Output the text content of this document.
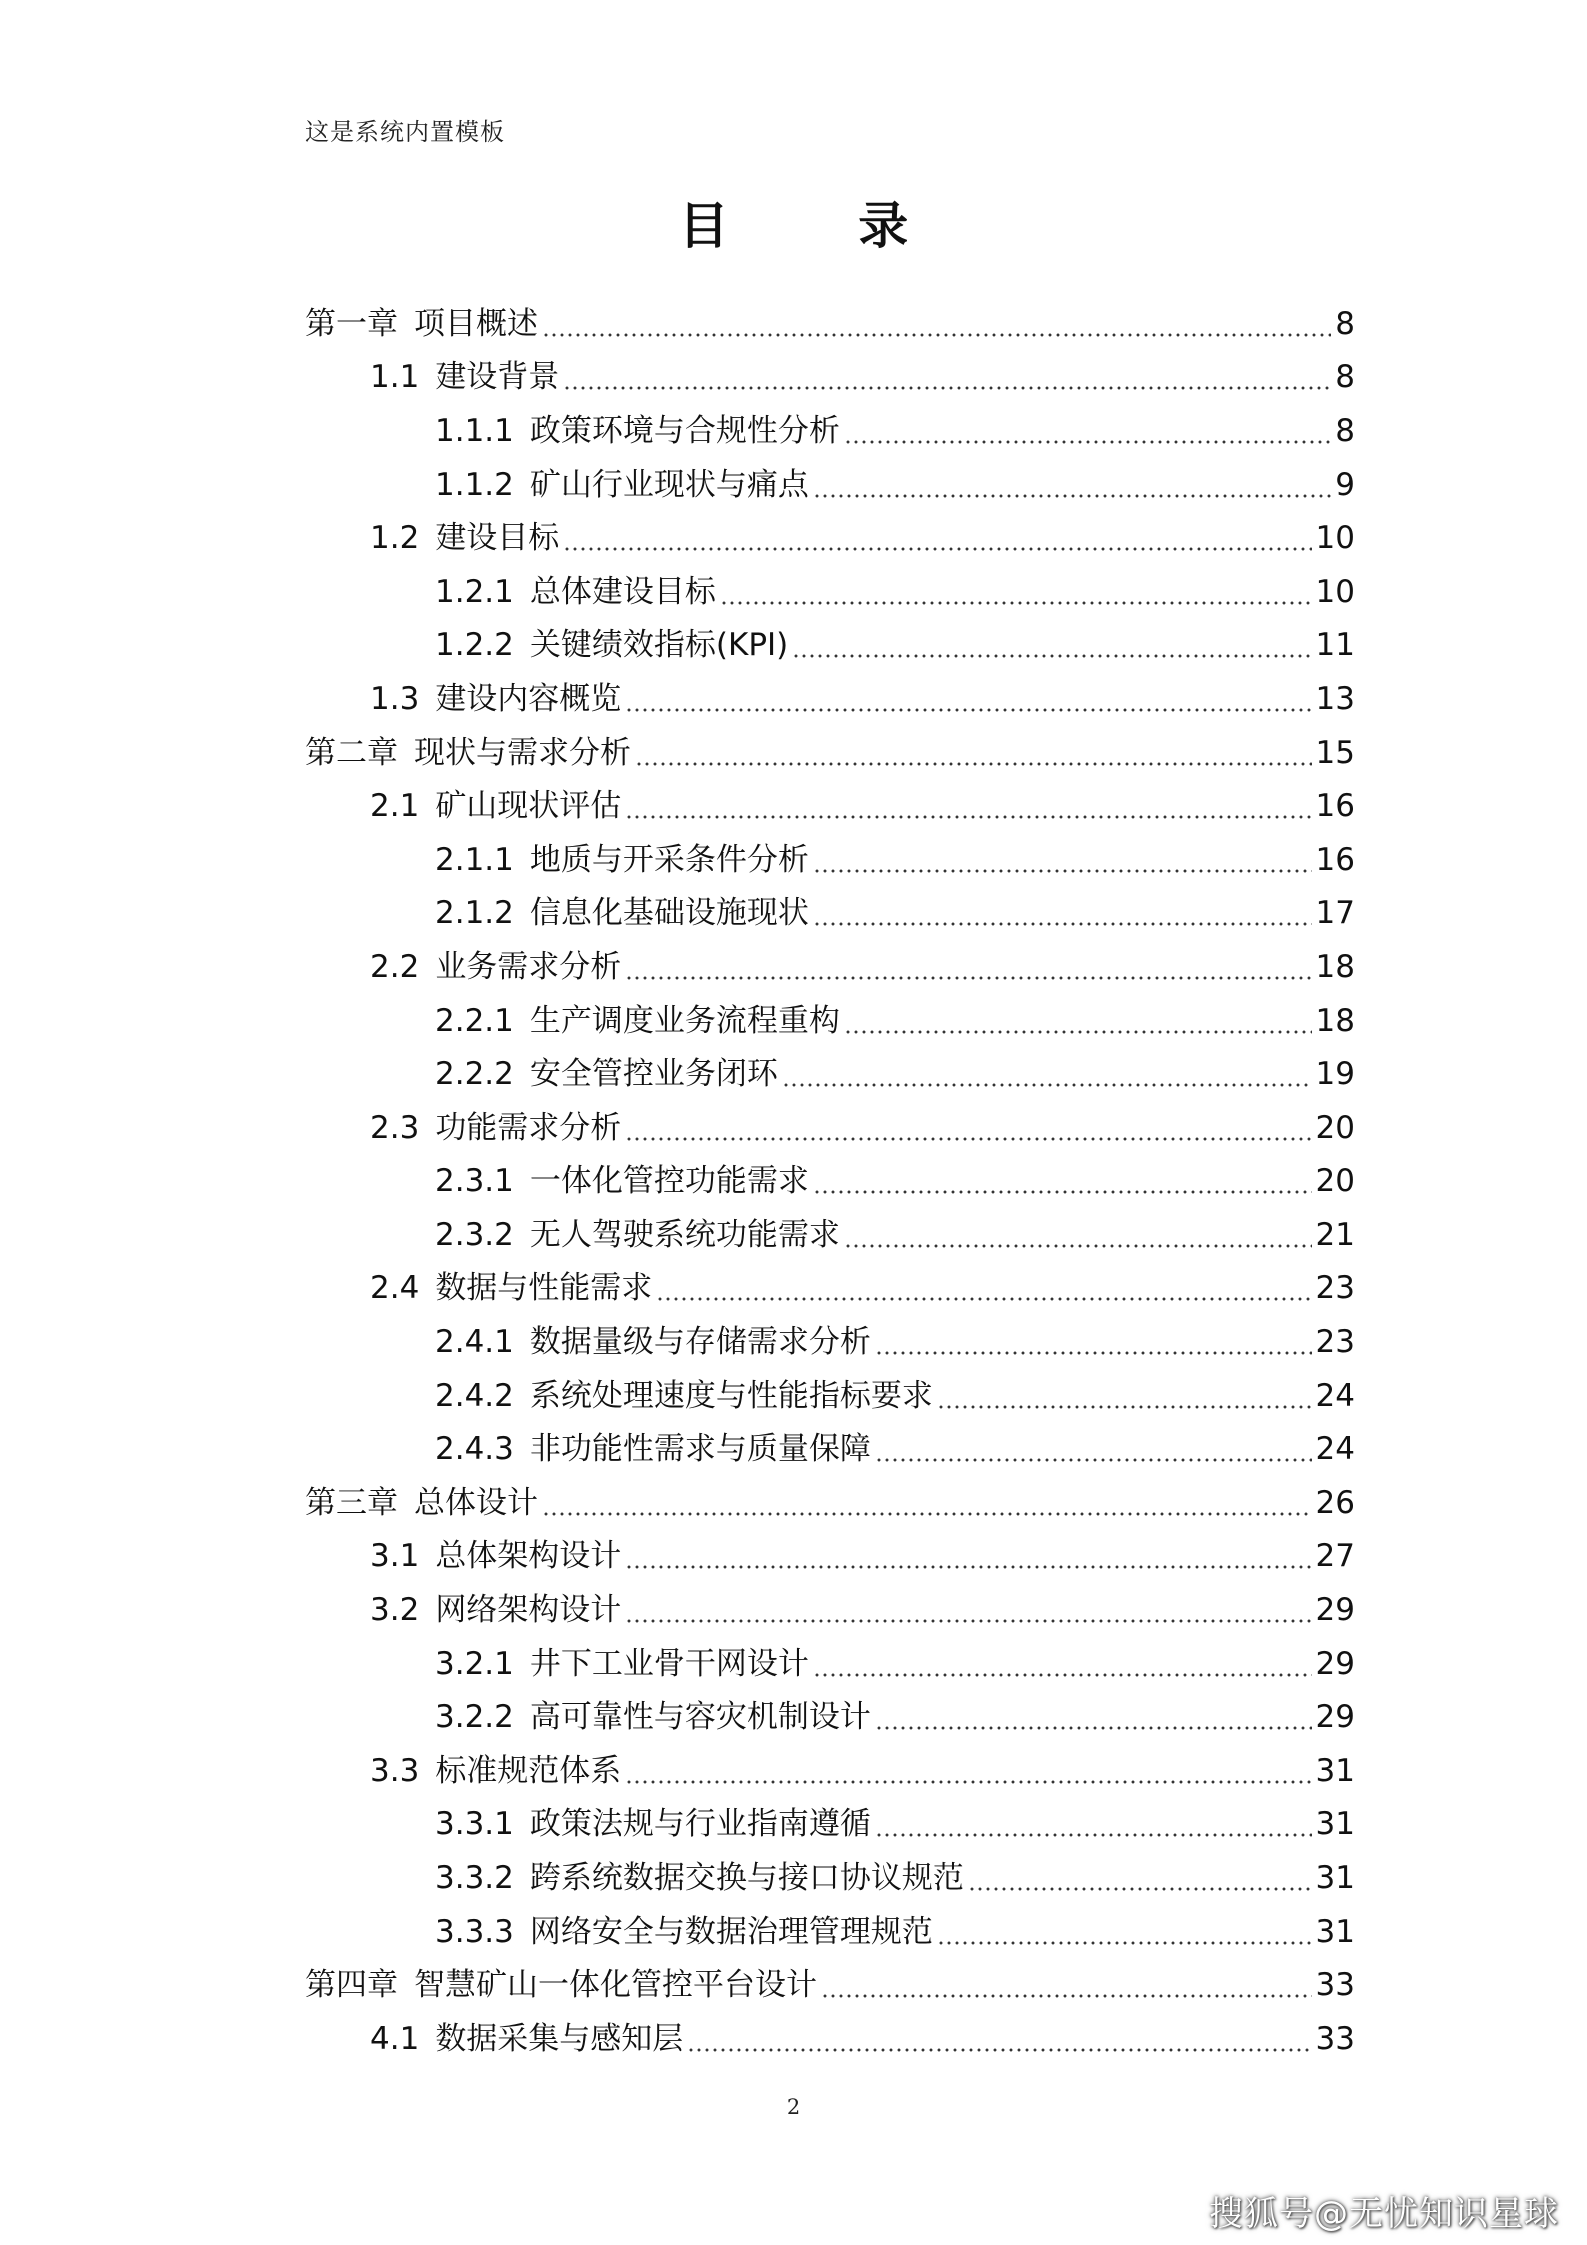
这是系统内置模板
目 录
第一章 项目概述	8
1.1 建设背景	8
1.1.1 政策环境与合规性分析	8
1.1.2 矿山行业现状与痛点	9
1.2 建设目标	10
1.2.1 总体建设目标	10
1.2.2 关键绩效指标(KPI)	11
1.3 建设内容概览	13
第二章 现状与需求分析	15
2.1 矿山现状评估	16
2.1.1 地质与开采条件分析	16
2.1.2 信息化基础设施现状	17
2.2 业务需求分析	18
2.2.1 生产调度业务流程重构	18
2.2.2 安全管控业务闭环	19
2.3 功能需求分析	20
2.3.1 一体化管控功能需求	20
2.3.2 无人驾驶系统功能需求	21
2.4 数据与性能需求	23
2.4.1 数据量级与存储需求分析	23
2.4.2 系统处理速度与性能指标要求	24
2.4.3 非功能性需求与质量保障	24
第三章 总体设计	26
3.1 总体架构设计	27
3.2 网络架构设计	29
3.2.1 井下工业骨干网设计	29
3.2.2 高可靠性与容灾机制设计	29
3.3 标准规范体系	31
3.3.1 政策法规与行业指南遵循	31
3.3.2 跨系统数据交换与接口协议规范	31
3.3.3 网络安全与数据治理管理规范	31
第四章 智慧矿山一体化管控平台设计	33
4.1 数据采集与感知层	33
2
搜狐号@无忧知识星球
